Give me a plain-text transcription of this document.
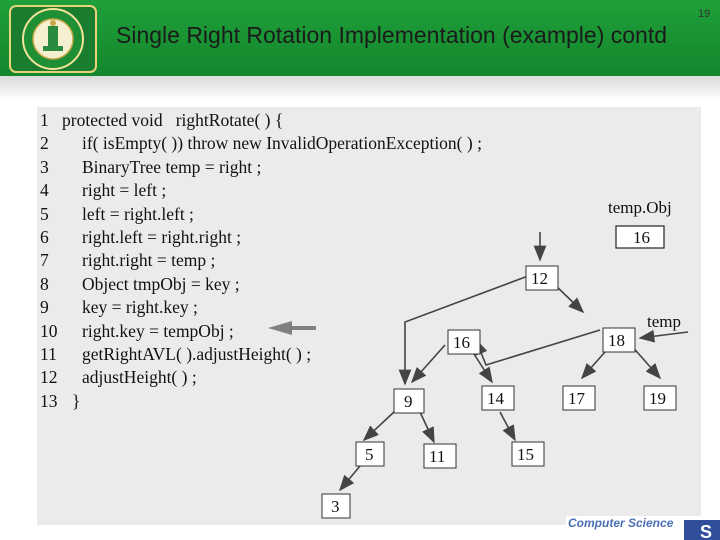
Single Right Rotation Implementation (example) contd
19
1 protected void   rightRotate( ) {
2	if( isEmpty( )) throw new InvalidOperationException( ) ;
3	BinaryTree temp = right ;
4	right = left ;
5	left = right.left ;
6	right.left = right.right ;
7	right.right = temp ;
8	Object tmpObj = key ;
9	key = right.key ;
10	right.key = tempObj ;
11	getRightAVL( ).adjustHeight( ) ;
12	adjustHeight( ) ;
13 }
temp.Obj
16
temp
12
16	18
9	14	17	19
5	11	15
3
S
Computer Science
